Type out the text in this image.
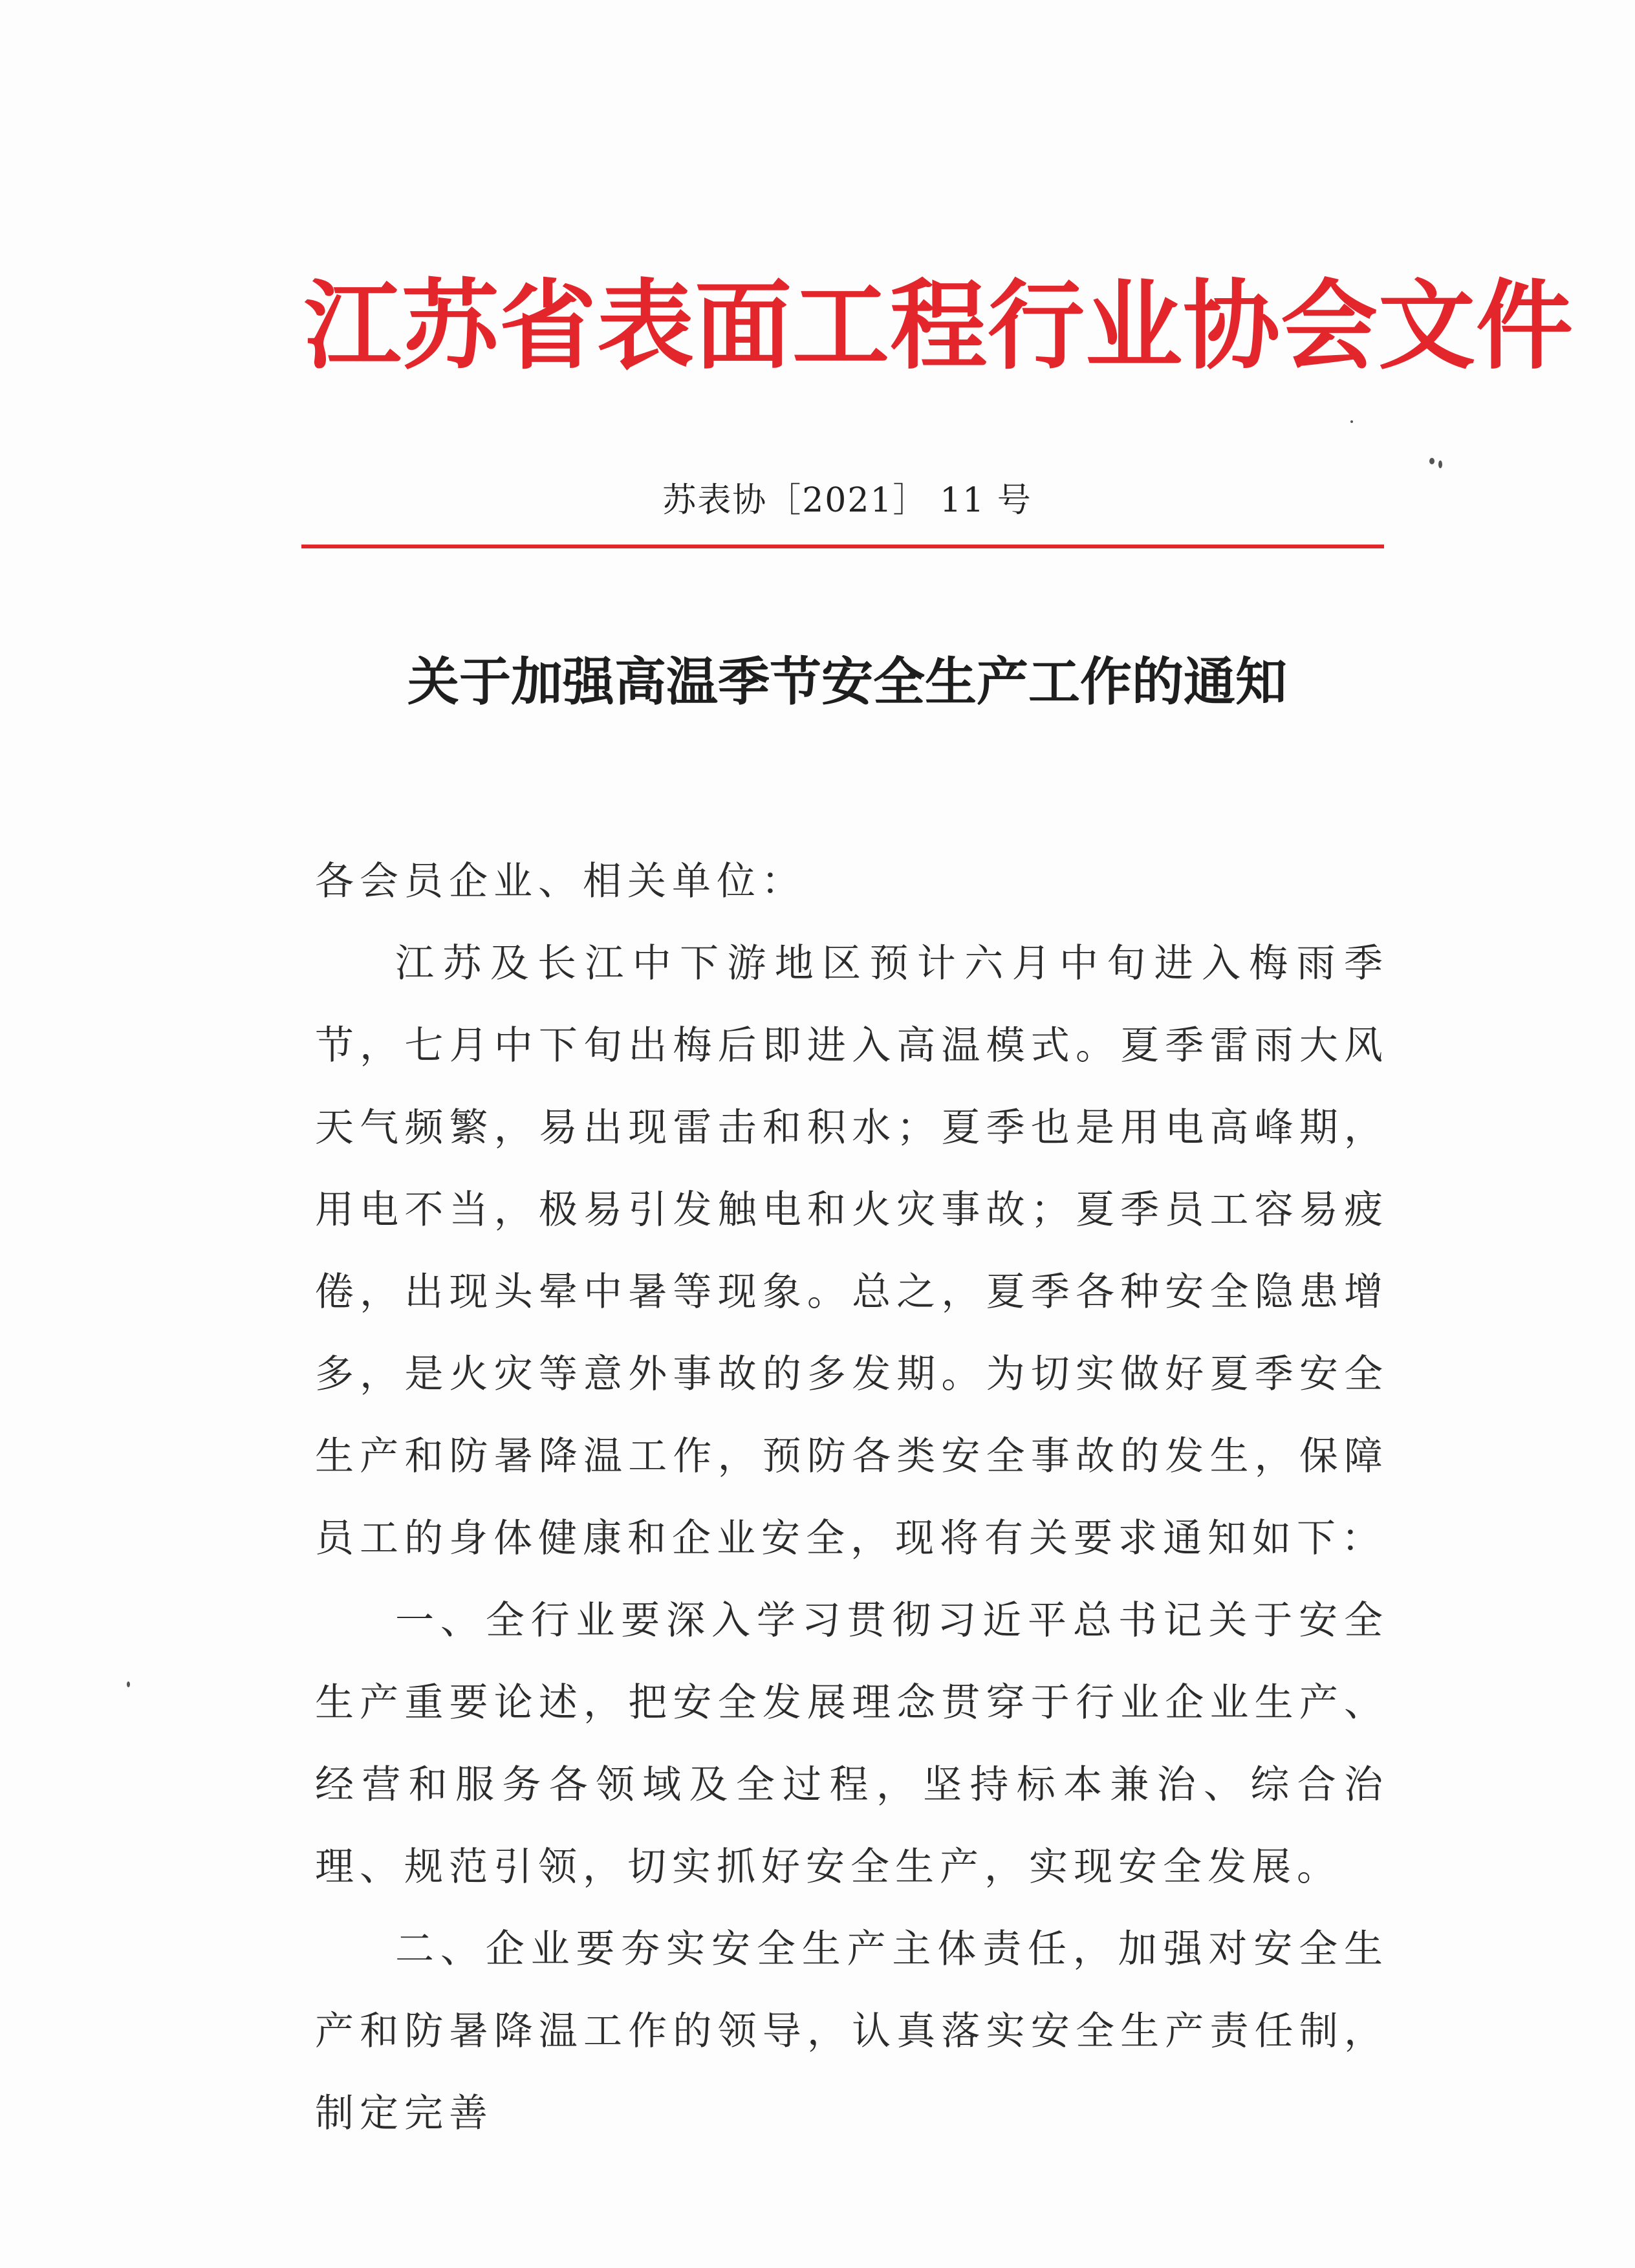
江苏省表面工程行业协会文件
苏表协［2021］ 11 号
关于加强高温季节安全生产工作的通知

各会员企业、相关单位：

江苏及长江中下游地区预计六月中旬进入梅雨季节，七月中下旬出梅后即进入高温模式。夏季雷雨大风天气频繁，易出现雷击和积水；夏季也是用电高峰期，用电不当，极易引发触电和火灾事故；夏季员工容易疲倦，出现头晕中暑等现象。总之，夏季各种安全隐患增多，是火灾等意外事故的多发期。为切实做好夏季安全生产和防暑降温工作，预防各类安全事故的发生，保障员工的身体健康和企业安全，现将有关要求通知如下：

一、全行业要深入学习贯彻习近平总书记关于安全生产重要论述，把安全发展理念贯穿于行业企业生产、经营和服务各领域及全过程，坚持标本兼治、综合治理、规范引领，切实抓好安全生产，实现安全发展。

二、企业要夯实安全生产主体责任，加强对安全生产和防暑降温工作的领导，认真落实安全生产责任制，制定完善
